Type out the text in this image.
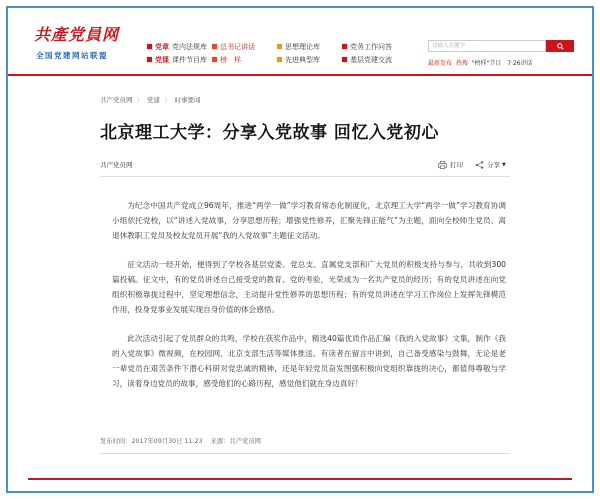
共產党員网
全国党建网站联盟
党章 党内法规库 总书记讲话	思想理论库	党务工作问答
党课 课件节目库 榜　样	先进典型库	基层党建交流
请输入关键字
最新发布 热搜 "榜样"节目　7·26讲话
共产党员网 〉 党建 〉 时事要闻
北京理工大学：分享入党故事 回忆入党初心
共产党员网	打印	分享 ▼

为纪念中国共产党成立96周年，推进“两学一做”学习教育常态化制度化，北京理工大学“两学一做”学习教育协调小组依托党校，以“讲述入党故事，分享思想历程；增强党性修养，汇聚先锋正能气”为主题，面向全校师生党员、离退休教职工党员及校友党员开展“我的入党故事”主题征文活动。

征文活动一经开始，便得到了学校各基层党委、党总支、直属党支部和广大党员的积极支持与参与，共收到300篇投稿。征文中，有的党员讲述自己接受党的教育、党的考验，光荣成为一名共产党员的经历；有的党员讲述在向党组织积极靠拢过程中，坚定理想信念，主动提升党性修养的思想历程；有的党员讲述在学习工作岗位上发挥先锋模范作用，投身党事业发展实现自身价值的体会感悟。

此次活动引起了党员群众的共鸣，学校在获奖作品中，精选40篇优质作品汇编《我的入党故事》文集，制作《我的入党故事》微视频，在校园网、北京支部生活等媒体推送。有读者在留言中讲到，自己备受感染与鼓舞，无论是老一辈党员在艰苦条件下潜心科研对党忠诚的精神，还是年轻党员奋发图强积极向党组织靠拢的决心，都值得尊敬与学习，读着身边党员的故事，感受他们的心路历程，感觉他们就在身边真好！

发布时间：2017年09月30日 11:23 来源：共产党员网
